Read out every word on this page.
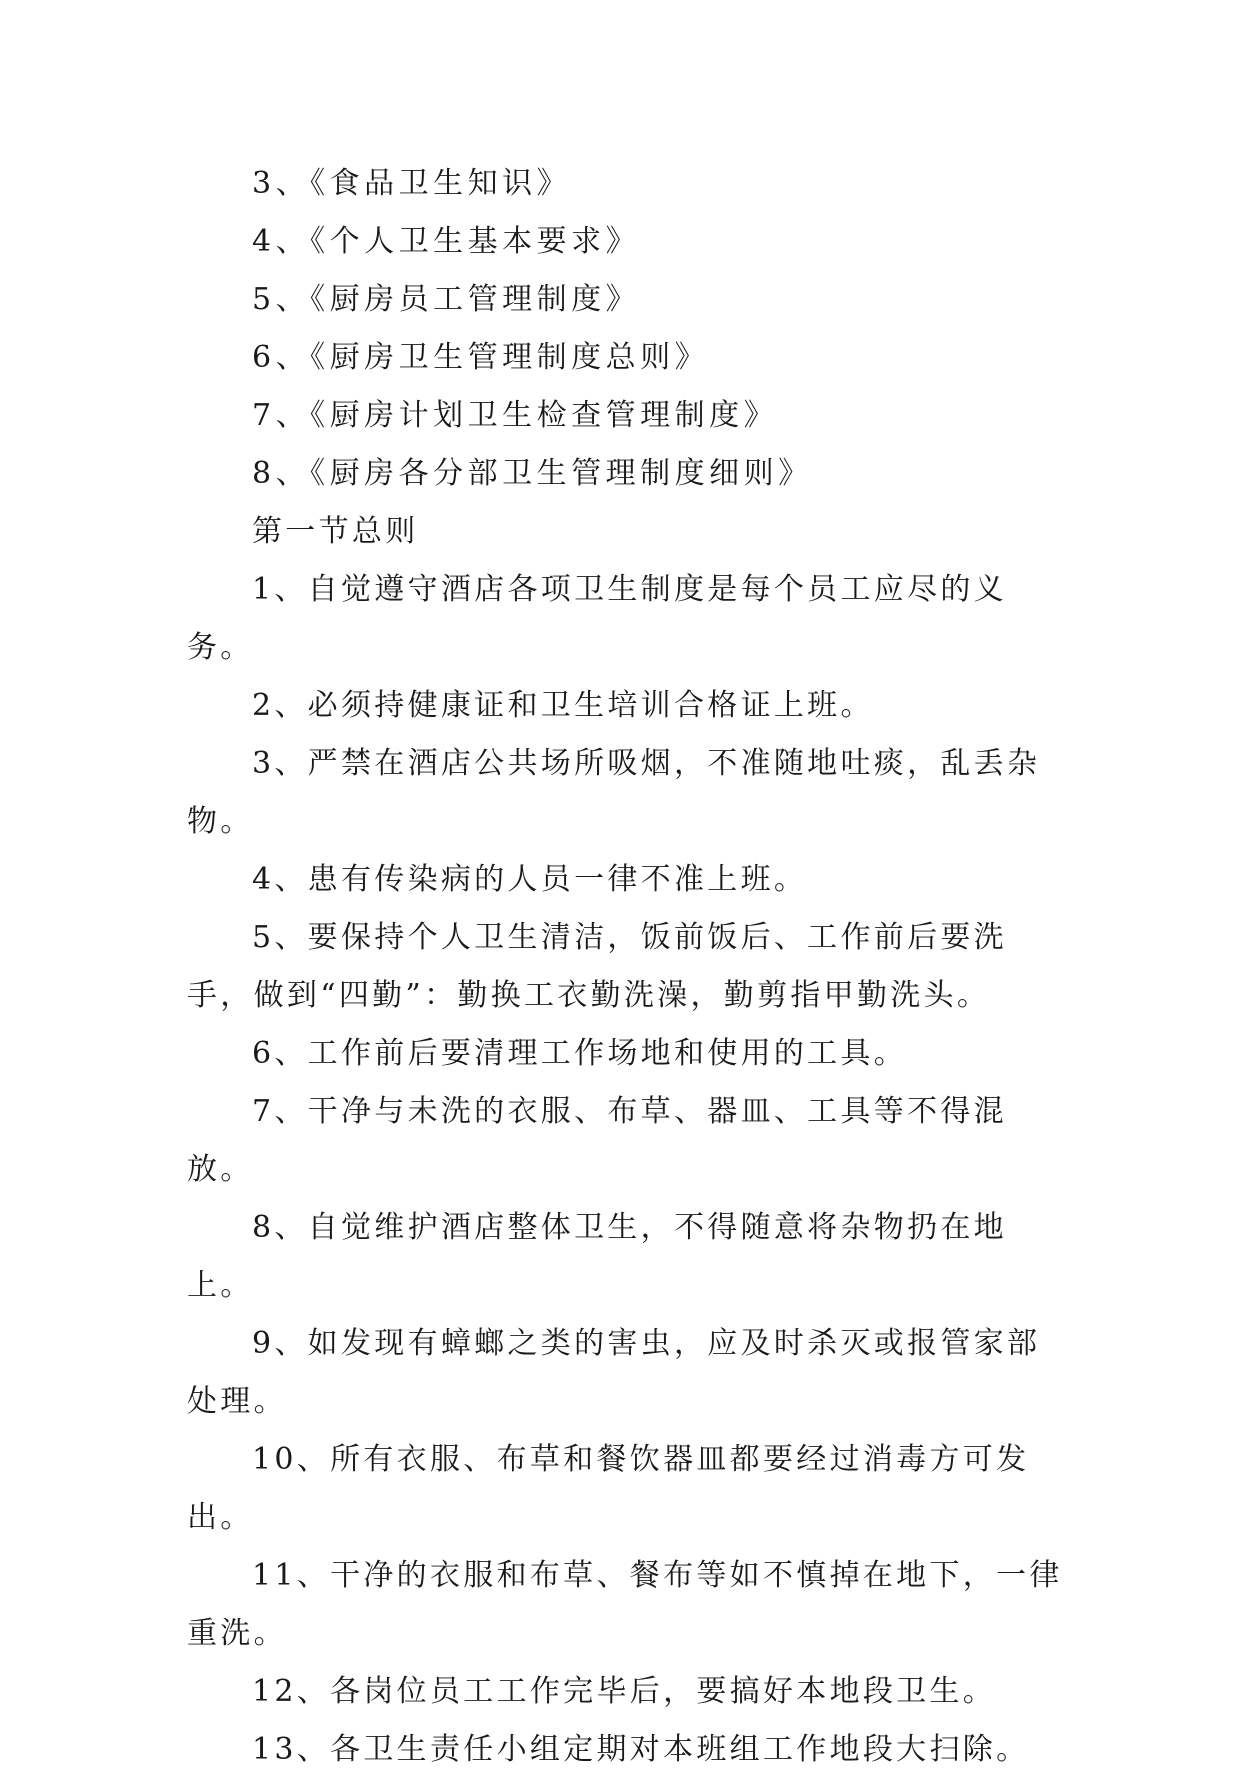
3、《食品卫生知识》

4、《个人卫生基本要求》

5、《厨房员工管理制度》

6、《厨房卫生管理制度总则》

7、《厨房计划卫生检查管理制度》

8、《厨房各分部卫生管理制度细则》

第一节总则

1、自觉遵守酒店各项卫生制度是每个员工应尽的义务。

2、必须持健康证和卫生培训合格证上班。

3、严禁在酒店公共场所吸烟，不准随地吐痰，乱丢杂物。

4、患有传染病的人员一律不准上班。

5、要保持个人卫生清洁，饭前饭后、工作前后要洗手，做到“四勤”：勤换工衣勤洗澡，勤剪指甲勤洗头。

6、工作前后要清理工作场地和使用的工具。

7、干净与未洗的衣服、布草、器皿、工具等不得混放。

8、自觉维护酒店整体卫生，不得随意将杂物扔在地上。

9、如发现有蟑螂之类的害虫，应及时杀灭或报管家部处理。

10、所有衣服、布草和餐饮器皿都要经过消毒方可发出。

11、干净的衣服和布草、餐布等如不慎掉在地下，一律重洗。

12、各岗位员工工作完毕后，要搞好本地段卫生。

13、各卫生责任小组定期对本班组工作地段大扫除。
